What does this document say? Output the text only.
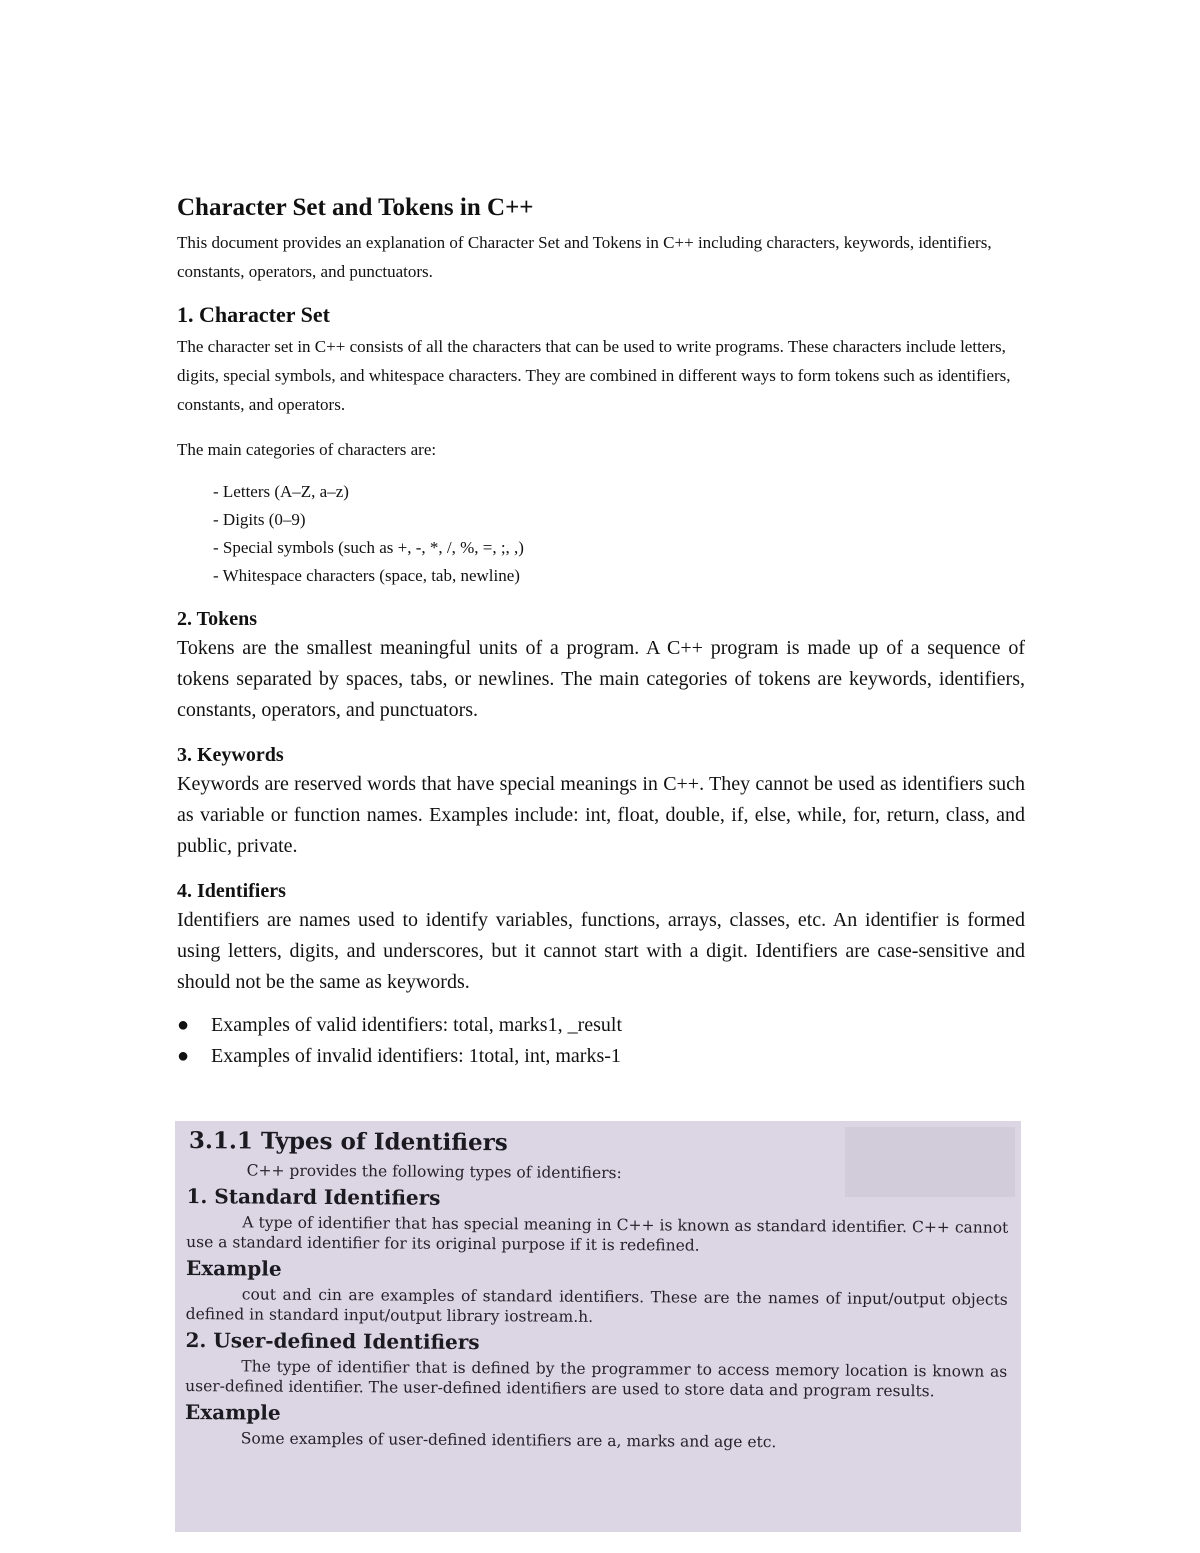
Character Set and Tokens in C++

This document provides an explanation of Character Set and Tokens in C++ including characters, keywords, identifiers, constants, operators, and punctuators.

1. Character Set

The character set in C++ consists of all the characters that can be used to write programs. These characters include letters, digits, special symbols, and whitespace characters. They are combined in different ways to form tokens such as identifiers, constants, and operators.

The main categories of characters are:

- Letters (A–Z, a–z)
- Digits (0–9)
- Special symbols (such as +, -, *, /, %, =, ;, ,)
- Whitespace characters (space, tab, newline)
2. Tokens

Tokens are the smallest meaningful units of a program. A C++ program is made up of a sequence of tokens separated by spaces, tabs, or newlines. The main categories of tokens are keywords, identifiers, constants, operators, and punctuators.

3. Keywords

Keywords are reserved words that have special meanings in C++. They cannot be used as identifiers such as variable or function names. Examples include: int, float, double, if, else, while, for, return, class, and public, private.

4. Identifiers

Identifiers are names used to identify variables, functions, arrays, classes, etc. An identifier is formed using letters, digits, and underscores, but it cannot start with a digit. Identifiers are case-sensitive and should not be the same as keywords.

●	Examples of valid identifiers: total, marks1, _result
●	Examples of invalid identifiers: 1total, int, marks-1
3.1.1 Types of Identifiers

C++ provides the following types of identifiers:

1. Standard Identifiers

A type of identifier that has special meaning in C++ is known as standard identifier. C++ cannot use a standard identifier for its original purpose if it is redefined.

Example

cout and cin are examples of standard identifiers. These are the names of input/output objects defined in standard input/output library iostream.h.

2. User-defined Identifiers

The type of identifier that is defined by the programmer to access memory location is known as user-defined identifier. The user-defined identifiers are used to store data and program results.

Example

Some examples of user-defined identifiers are a, marks and age etc.
